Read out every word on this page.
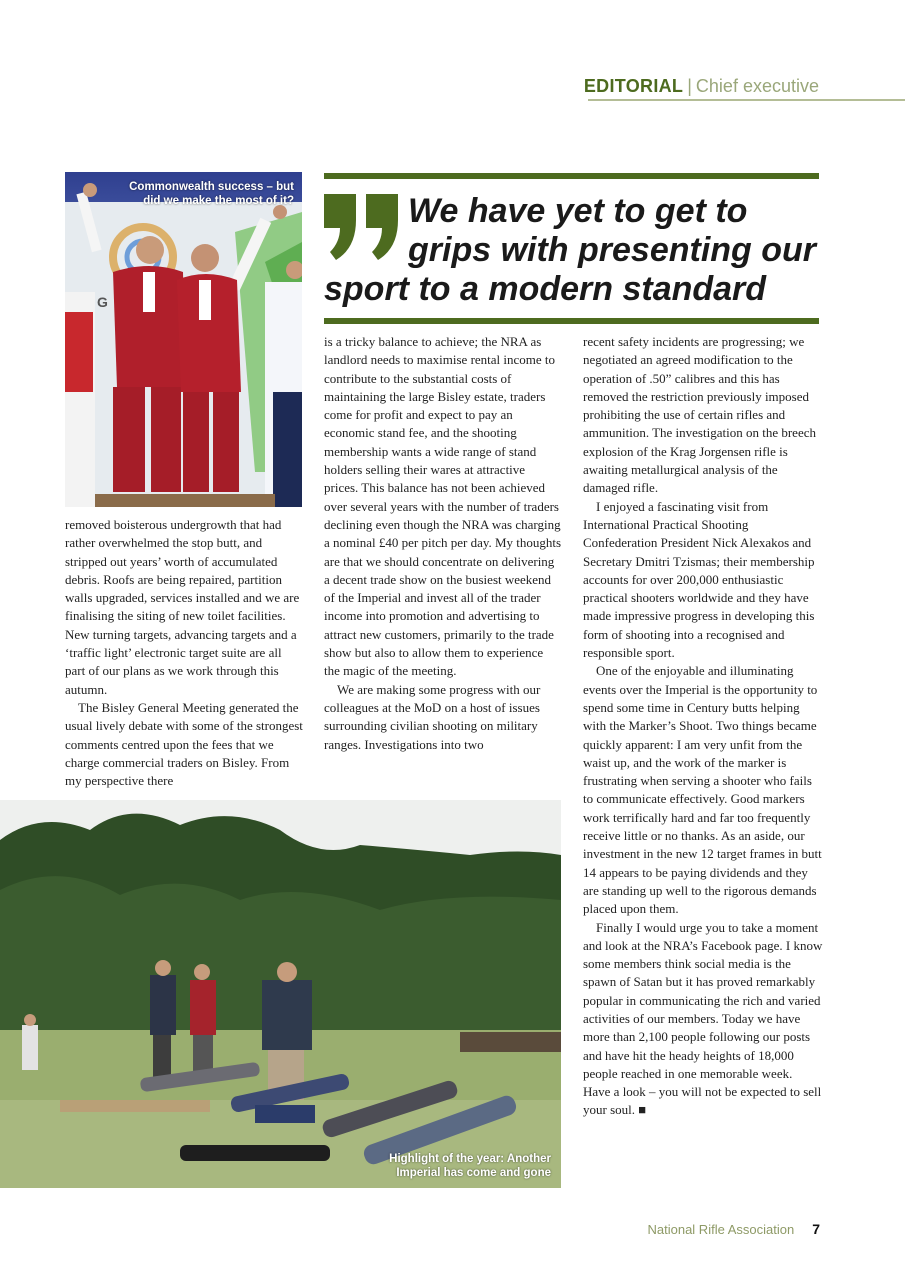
EDITORIAL | Chief executive
G
Commonwealth success – but
did we make the most of it?	We have yet to get to
grips with presenting our
sport to a modern standard

removed boisterous undergrowth that had rather overwhelmed the stop butt, and stripped out years’ worth of accumulated debris. Roofs are being repaired, partition walls upgraded, services installed and we are finalising the siting of new toilet facilities. New turning targets, advancing targets and a ‘traffic light’ electronic target suite are all part of our plans as we work through this autumn.

The Bisley General Meeting generated the usual lively debate with some of the strongest comments centred upon the fees that we charge commercial traders on Bisley. From my perspective there

is a tricky balance to achieve; the NRA as landlord needs to maximise rental income to contribute to the substantial costs of maintaining the large Bisley estate, traders come for profit and expect to pay an economic stand fee, and the shooting membership wants a wide range of stand holders selling their wares at attractive prices. This balance has not been achieved over several years with the number of traders declining even though the NRA was charging a nominal £40 per pitch per day. My thoughts are that we should concentrate on delivering a decent trade show on the busiest weekend of the Imperial and invest all of the trader income into promotion and advertising to attract new customers, primarily to the trade show but also to allow them to experience the magic of the meeting.

We are making some progress with our colleagues at the MoD on a host of issues surrounding civilian shooting on military ranges. Investigations into two

recent safety incidents are progressing; we negotiated an agreed modification to the operation of .50” calibres and this has removed the restriction previously imposed prohibiting the use of certain rifles and ammunition. The investigation on the breech explosion of the Krag Jorgensen rifle is awaiting metallurgical analysis of the damaged rifle.

I enjoyed a fascinating visit from International Practical Shooting Confederation President Nick Alexakos and Secretary Dmitri Tzismas; their membership accounts for over 200,000 enthusiastic practical shooters worldwide and they have made impressive progress in developing this form of shooting into a recognised and responsible sport.

One of the enjoyable and illuminating events over the Imperial is the opportunity to spend some time in Century butts helping with the Marker’s Shoot. Two things became quickly apparent: I am very unfit from the waist up, and the work of the marker is frustrating when serving a shooter who fails to communicate effectively. Good markers work terrifically hard and far too frequently receive little or no thanks. As an aside, our investment in the new 12 target frames in butt 14 appears to be paying dividends and they are standing up well to the rigorous demands placed upon them.

Finally I would urge you to take a moment and look at the NRA’s Facebook page. I know some members think social media is the spawn of Satan but it has proved remarkably popular in communicating the rich and varied activities of our members. Today we have more than 2,100 people following our posts and have hit the heady heights of 18,000 people reached in one memorable week. Have a look – you will not be expected to sell your soul. ■

Highlight of the year: Another
Imperial has come and gone
National Rifle Association 7
